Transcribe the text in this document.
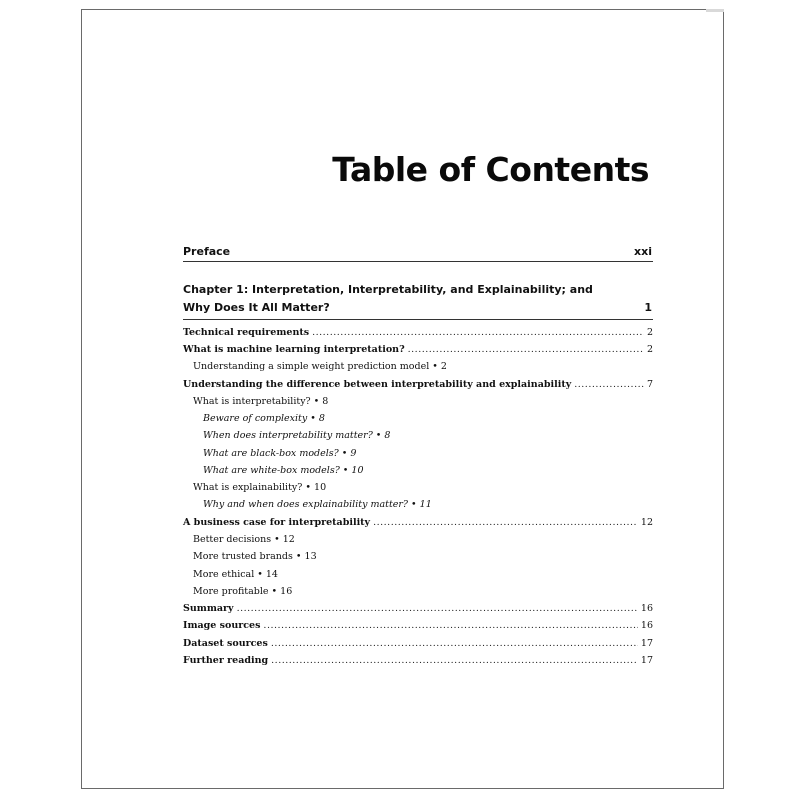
Table of Contents
Preface	xxi
Chapter 1: Interpretation, Interpretability, and Explainability; and
Why Does It All Matter?	1
Technical requirements .....	2
What is machine learning interpretation? .....	2
Understanding a simple weight prediction model • 2
Understanding the difference between interpretability and explainability .....	7
What is interpretability? • 8
Beware of complexity • 8
When does interpretability matter? • 8
What are black-box models? • 9
What are white-box models? • 10
What is explainability? • 10
Why and when does explainability matter? • 11
A business case for interpretability .....	12
Better decisions • 12
More trusted brands • 13
More ethical • 14
More profitable • 16
Summary .....	16
Image sources .....	16
Dataset sources .....	17
Further reading .....	17
